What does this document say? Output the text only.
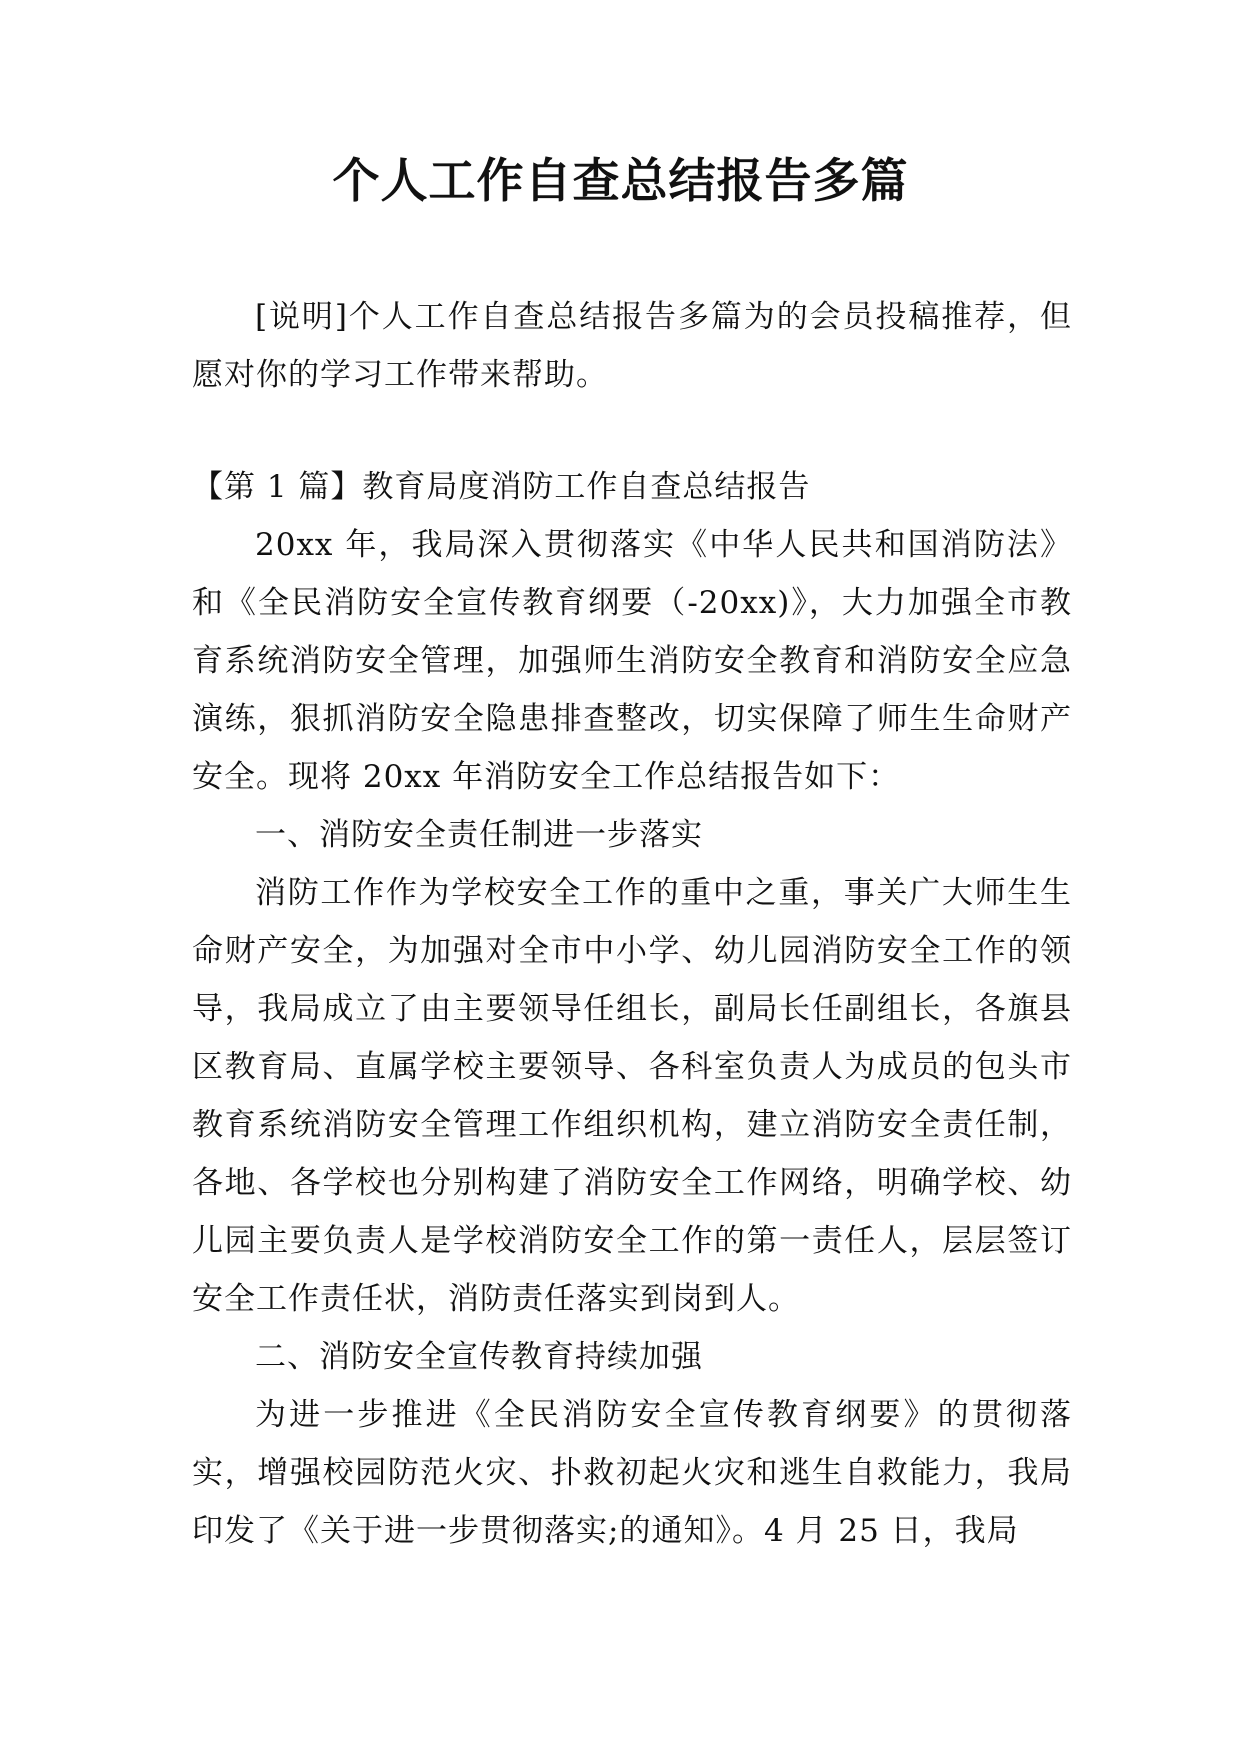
个人工作自查总结报告多篇

[说明]个人工作自查总结报告多篇为的会员投稿推荐，但愿对你的学习工作带来帮助。

【第 1 篇】教育局度消防工作自查总结报告

20xx 年，我局深入贯彻落实《中华人民共和国消防法》和《全民消防安全宣传教育纲要（-20xx)》，大力加强全市教育系统消防安全管理，加强师生消防安全教育和消防安全应急演练，狠抓消防安全隐患排查整改，切实保障了师生生命财产安全。现将 20xx 年消防安全工作总结报告如下：

一、消防安全责任制进一步落实

消防工作作为学校安全工作的重中之重，事关广大师生生命财产安全，为加强对全市中小学、幼儿园消防安全工作的领导，我局成立了由主要领导任组长，副局长任副组长，各旗县区教育局、直属学校主要领导、各科室负责人为成员的包头市教育系统消防安全管理工作组织机构，建立消防安全责任制，各地、各学校也分别构建了消防安全工作网络，明确学校、幼儿园主要负责人是学校消防安全工作的第一责任人，层层签订安全工作责任状，消防责任落实到岗到人。

二、消防安全宣传教育持续加强

为进一步推进《全民消防安全宣传教育纲要》的贯彻落实，增强校园防范火灾、扑救初起火灾和逃生自救能力，我局印发了《关于进一步贯彻落实;的通知》。4 月 25 日，我局
